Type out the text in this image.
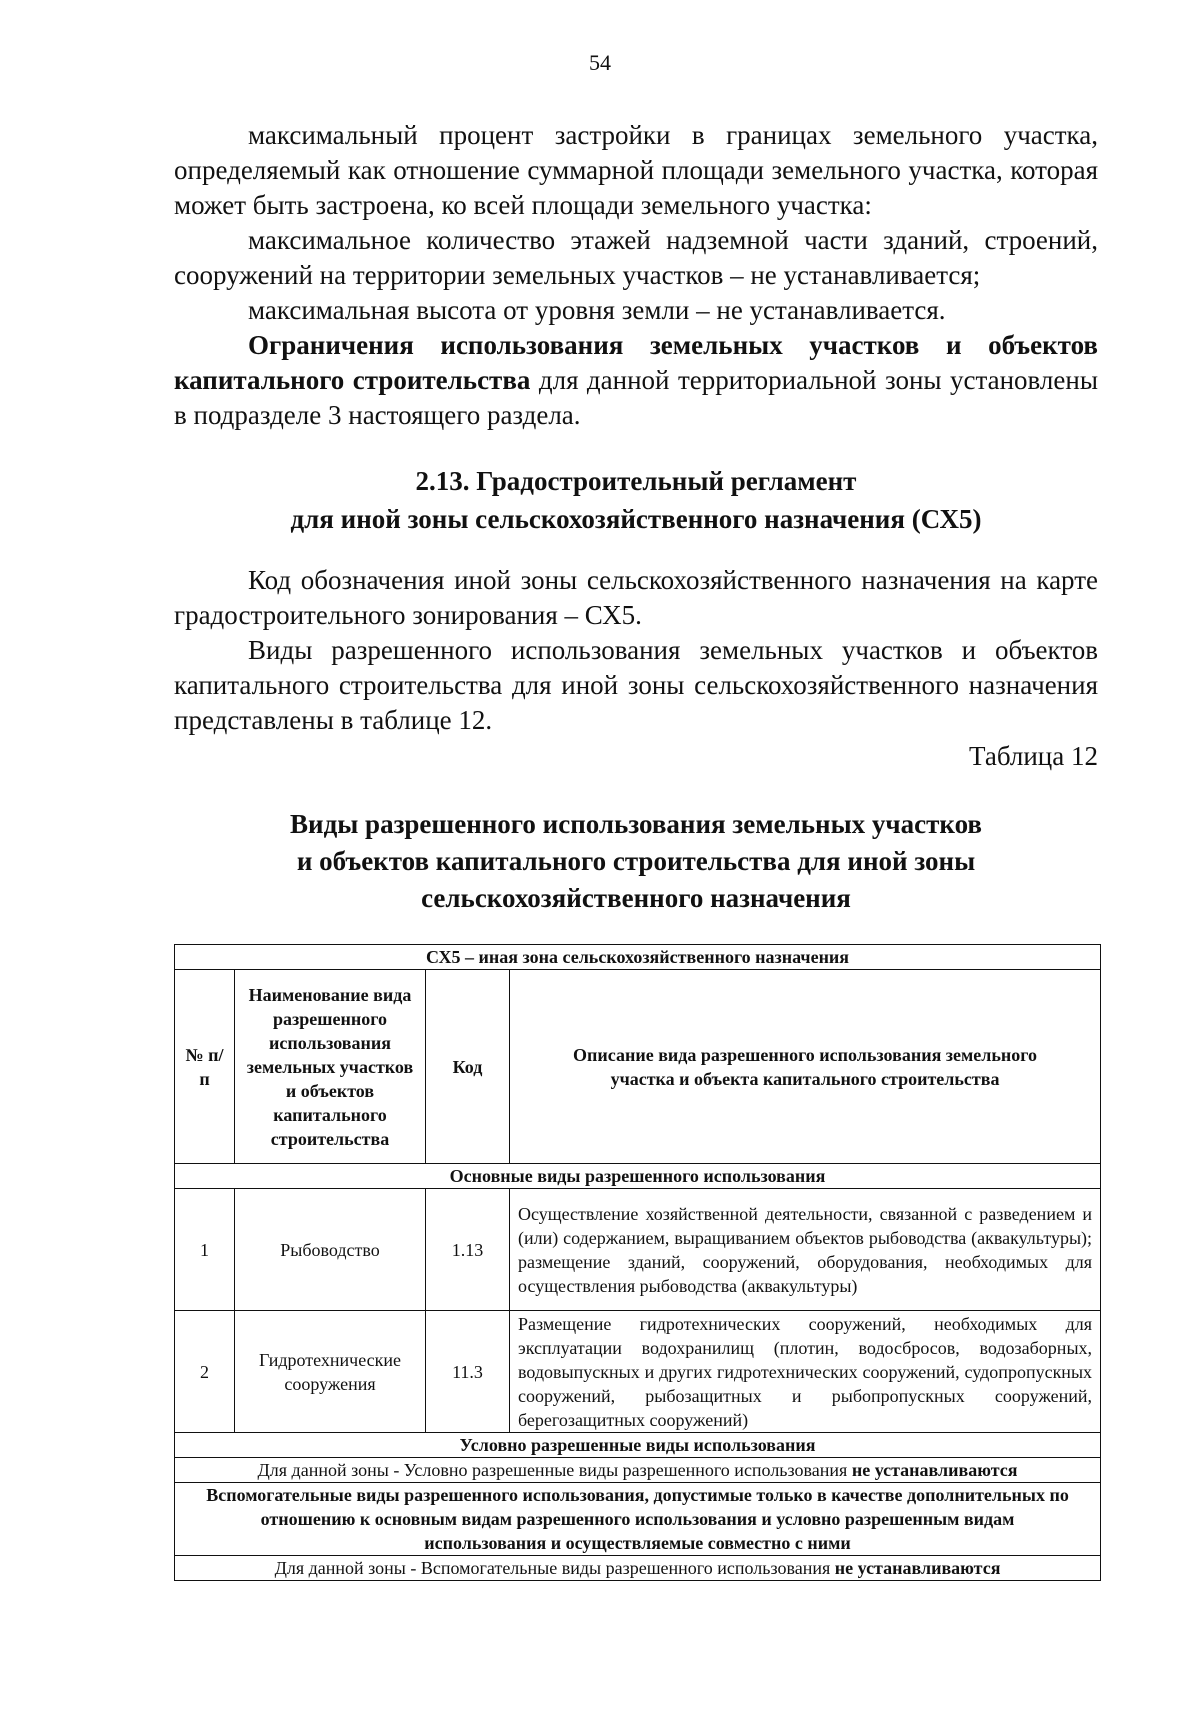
54

максимальный процент застройки в границах земельного участка, определяемый как отношение суммарной площади земельного участка, которая может быть застроена, ко всей площади земельного участка:

максимальное количество этажей надземной части зданий, строений, сооружений на территории земельных участков – не устанавливается;

максимальная высота от уровня земли – не устанавливается.

Ограничения использования земельных участков и объектов капитального строительства для данной территориальной зоны установлены в подразделе 3 настоящего раздела.

2.13. Градостроительный регламент
для иной зоны сельскохозяйственного назначения (СХ5)

Код обозначения иной зоны сельскохозяйственного назначения на карте градостроительного зонирования – СХ5.

Виды разрешенного использования земельных участков и объектов капитального строительства для иной зоны сельскохозяйственного назначения представлены в таблице 12.

Таблица 12
Виды разрешенного использования земельных участков
и объектов капитального строительства для иной зоны
сельскохозяйственного назначения
СХ5 – иная зона сельскохозяйственного назначения			
№ п/п	Наименование вида разрешенного использования земельных участков и объектов капитального строительства	Код	Описание вида разрешенного использования земельного участка и объекта капитального строительства
Основные виды разрешенного использования			
1	Рыбоводство	1.13	Осуществление хозяйственной деятельности, связанной с разведением и (или) содержанием, выращиванием объектов рыбоводства (аквакультуры); размещение зданий, сооружений, оборудования, необходимых для осуществления рыбоводства (аквакультуры)
2	Гидротехнические сооружения	11.3	Размещение гидротехнических сооружений, необходимых для эксплуатации водохранилищ (плотин, водосбросов, водозаборных, водовыпускных и других гидротехнических сооружений, судопропускных сооружений, рыбозащитных и рыбопропускных сооружений, берегозащитных сооружений)
Условно разрешенные виды использования			
Для данной зоны - Условно разрешенные виды разрешенного использования не устанавливаются			
Вспомогательные виды разрешенного использования, допустимые только в качестве дополнительных по отношению к основным видам разрешенного использования и условно разрешенным видам использования и осуществляемые совместно с ними			
Для данной зоны - Вспомогательные виды разрешенного использования не устанавливаются			
